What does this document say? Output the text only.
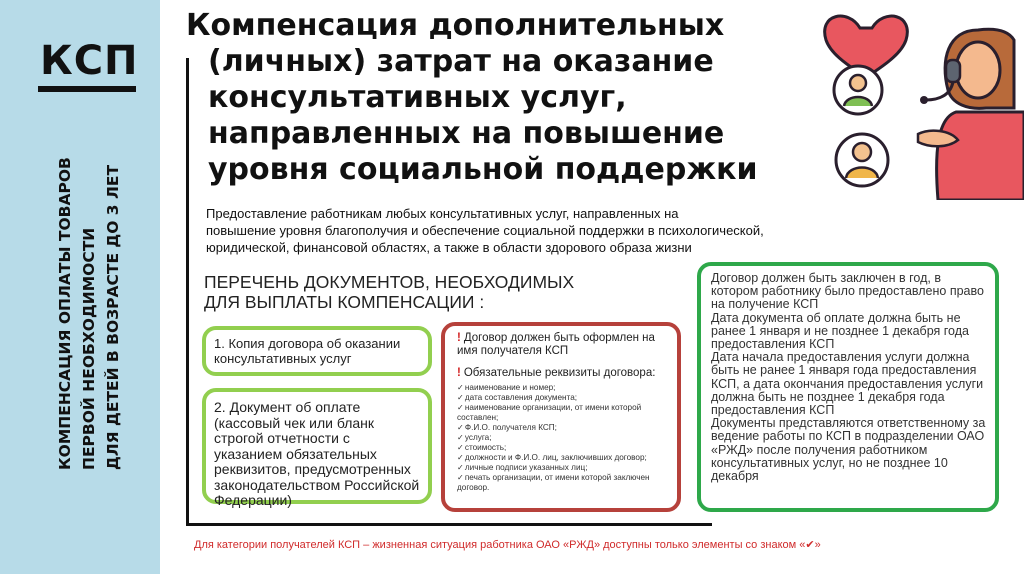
КСП
КОМПЕНСАЦИЯ ОПЛАТЫ ТОВАРОВ ПЕРВОЙ НЕОБХОДИМОСТИ ДЛЯ ДЕТЕЙ В ВОЗРАСТЕ ДО 3 ЛЕТ
Компенсация дополнительных
(личных) затрат на оказание
консультативных услуг,
направленных на повышение
уровня социальной поддержки
Предоставление работникам любых консультативных услуг, направленных на
повышение уровня благополучия и обеспечение социальной поддержки в психологической,
юридической, финансовой областях, а также в области здорового образа жизни
ПЕРЕЧЕНЬ ДОКУМЕНТОВ, НЕОБХОДИМЫХ
ДЛЯ ВЫПЛАТЫ КОМПЕНСАЦИИ :
1. Копия договора об оказании консультативных услуг
2. Документ об оплате (кассовый чек или бланк строгой отчетности с указанием обязательных реквизитов, предусмотренных законодательством Российской Федерации)
! Договор должен быть оформлен на имя получателя КСП
! Обязательные реквизиты договора:
✓наименование и номер;
✓дата составления документа;
✓наименование организации, от имени которой составлен;
✓Ф.И.О. получателя КСП;
✓услуга;
✓стоимость;
✓должности и Ф.И.О. лиц, заключивших договор;
✓личные подписи указанных лиц;
✓печать организации, от имени которой заключен договор.

Договор должен быть заключен в год, в котором работнику было предоставлено право на получение КСП

Дата документа об оплате должна быть не ранее 1 января и не позднее 1 декабря года предоставления КСП

Дата начала предоставления услуги должна быть не ранее 1 января года предоставления КСП, а дата окончания предоставления услуги должна быть не позднее 1 декабря года предоставления КСП

Документы представляются ответственному за ведение работы по КСП в подразделении ОАО «РЖД» после получения работником консультативных услуг, но не позднее 10 декабря

Для категории получателей КСП – жизненная ситуация работника ОАО «РЖД» доступны только элементы со знаком «✔»
